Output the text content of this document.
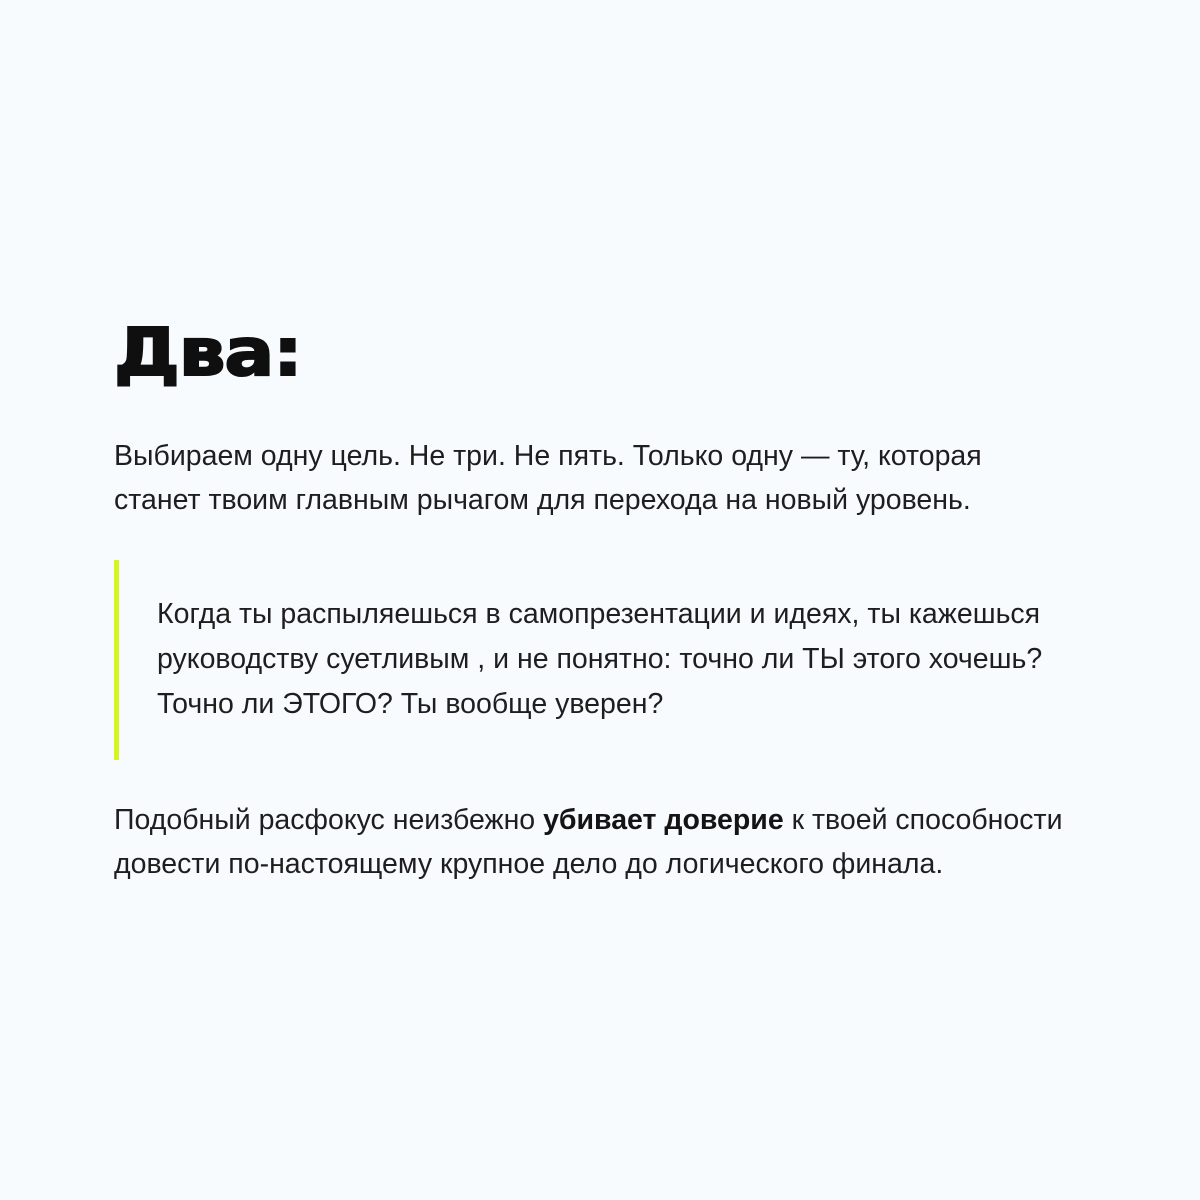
Два:

Выбираем одну цель. Не три. Не пять. Только одну — ту, которая
станет твоим главным рычагом для перехода на новый уровень.

Когда ты распыляешься в самопрезентации и идеях, ты кажешься
руководству суетливым , и не понятно: точно ли ТЫ этого хочешь?
Точно ли ЭТОГО? Ты вообще уверен?

Подобный расфокус неизбежно убивает доверие к твоей способности
довести по-настоящему крупное дело до логического финала.
